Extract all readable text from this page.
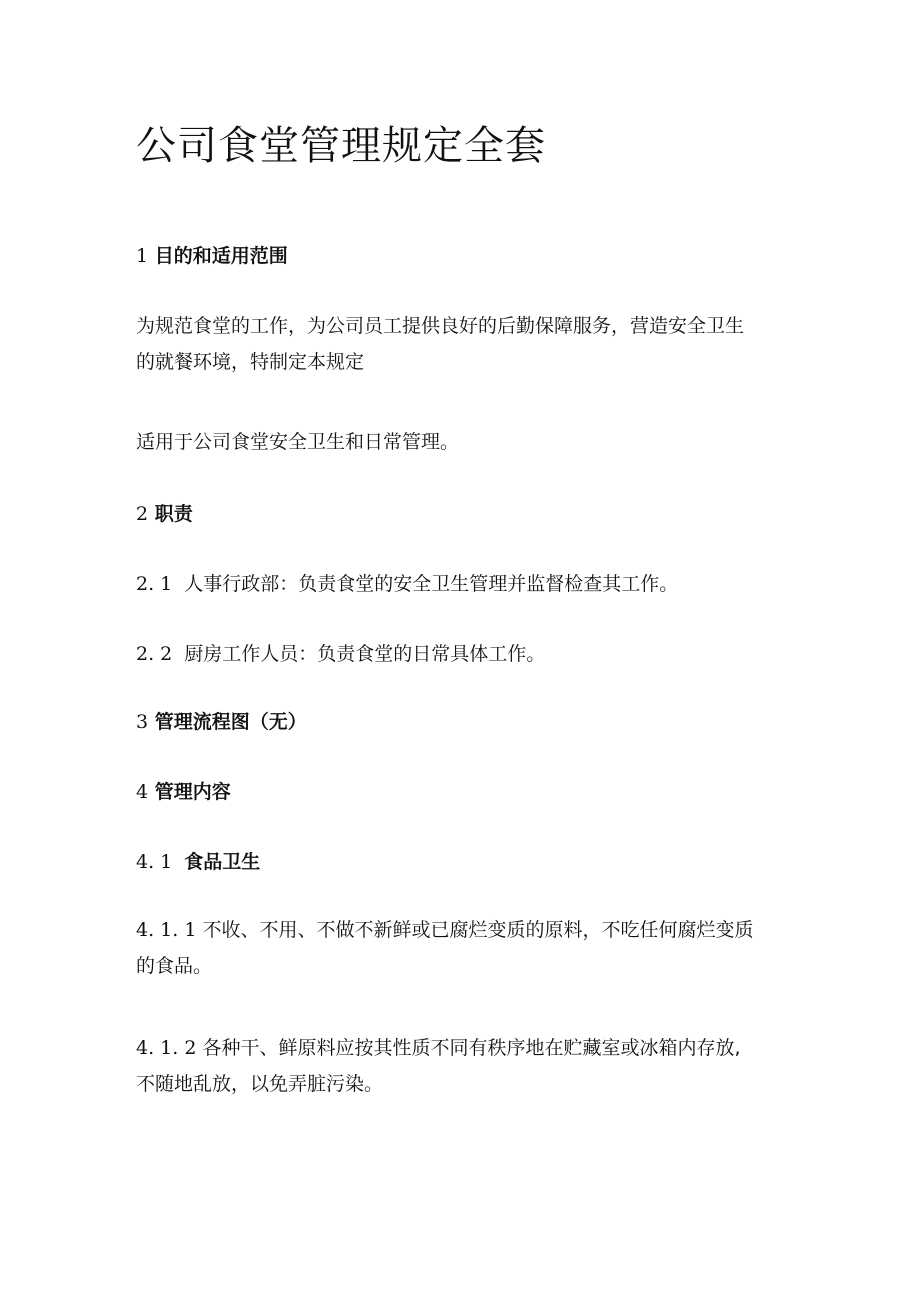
公司食堂管理规定全套

1 目的和适用范围

为规范食堂的工作，为公司员工提供良好的后勤保障服务，营造安全卫生
的就餐环境，特制定本规定

适用于公司食堂安全卫生和日常管理。

2 职责

2. 1 人事行政部：负责食堂的安全卫生管理并监督检查其工作。

2. 2 厨房工作人员：负责食堂的日常具体工作。

3 管理流程图（无）

4 管理内容

4. 1 食品卫生

4. 1. 1 不收、不用、不做不新鲜或已腐烂变质的原料，不吃任何腐烂变质
的食品。

4. 1. 2 各种干、鲜原料应按其性质不同有秩序地在贮藏室或冰箱内存放,
不随地乱放，以免弄脏污染。
